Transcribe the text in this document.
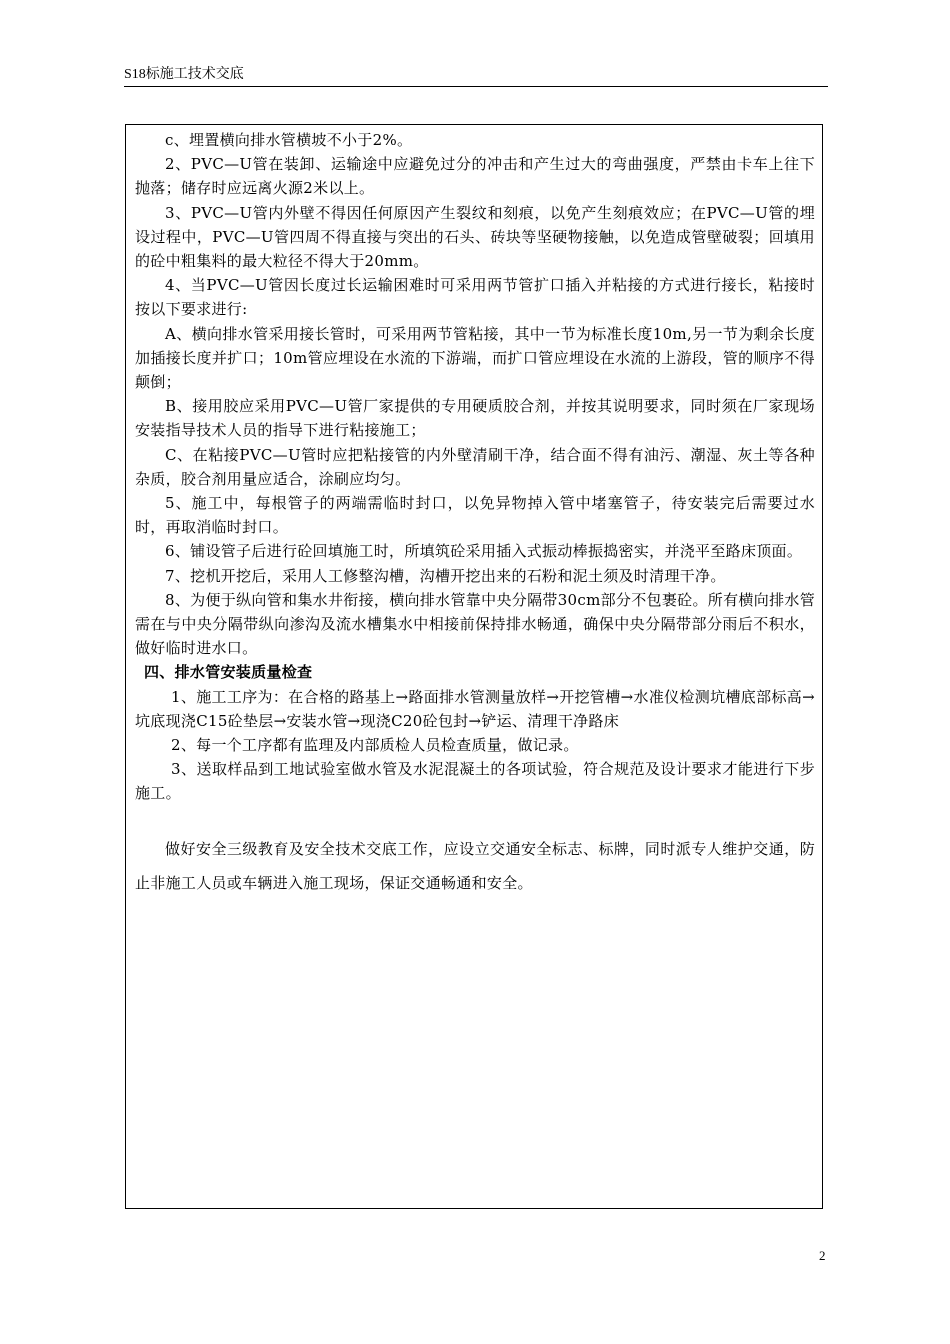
S18标施工技术交底

c、埋置横向排水管横坡不小于2%。

2、PVC—U管在装卸、运输途中应避免过分的冲击和产生过大的弯曲强度，严禁由卡车上往下抛落；储存时应远离火源2米以上。

3、PVC—U管内外壁不得因任何原因产生裂纹和刻痕，以免产生刻痕效应；在PVC—U管的埋设过程中，PVC—U管四周不得直接与突出的石头、砖块等坚硬物接触，以免造成管壁破裂；回填用的砼中粗集料的最大粒径不得大于20mm。

4、当PVC—U管因长度过长运输困难时可采用两节管扩口插入并粘接的方式进行接长，粘接时按以下要求进行:

A、横向排水管采用接长管时，可采用两节管粘接，其中一节为标准长度10m,另一节为剩余长度加插接长度并扩口；10m管应埋设在水流的下游端，而扩口管应埋设在水流的上游段，管的顺序不得颠倒；

B、接用胶应采用PVC—U管厂家提供的专用硬质胶合剂，并按其说明要求，同时须在厂家现场安装指导技术人员的指导下进行粘接施工；

C、在粘接PVC—U管时应把粘接管的内外壁清刷干净，结合面不得有油污、潮湿、灰土等各种杂质，胶合剂用量应适合，涂刷应均匀。

5、施工中，每根管子的两端需临时封口，以免异物掉入管中堵塞管子，待安装完后需要过水时，再取消临时封口。

6、铺设管子后进行砼回填施工时，所填筑砼采用插入式振动棒振捣密实，并浇平至路床顶面。

7、挖机开挖后，采用人工修整沟槽，沟槽开挖出来的石粉和泥土须及时清理干净。

8、为便于纵向管和集水井衔接，横向排水管靠中央分隔带30cm部分不包裹砼。所有横向排水管需在与中央分隔带纵向渗沟及流水槽集水中相接前保持排水畅通，确保中央分隔带部分雨后不积水，做好临时进水口。

四、排水管安装质量检查

1、施工工序为：在合格的路基上→路面排水管测量放样→开挖管槽→水准仪检测坑槽底部标高→坑底现浇C15砼垫层→安装水管→现浇C20砼包封→铲运、清理干净路床

2、每一个工序都有监理及内部质检人员检查质量，做记录。

3、送取样品到工地试验室做水管及水泥混凝土的各项试验，符合规范及设计要求才能进行下步施工。

做好安全三级教育及安全技术交底工作，应设立交通安全标志、标牌，同时派专人维护交通，防止非施工人员或车辆进入施工现场，保证交通畅通和安全。

2
